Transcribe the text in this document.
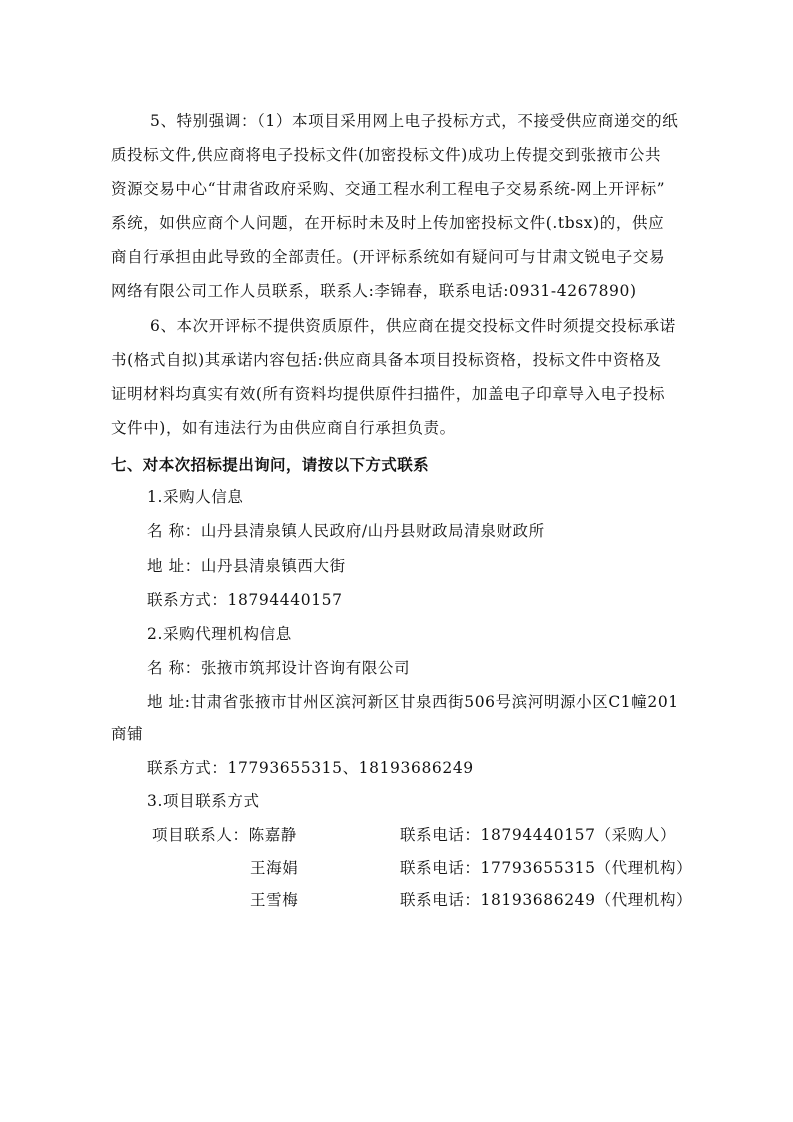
5、特别强调：（1）本项目采用网上电子投标方式，不接受供应商递交的纸
质投标文件,供应商将电子投标文件(加密投标文件)成功上传提交到张掖市公共
资源交易中心“甘肃省政府采购、交通工程水利工程电子交易系统-网上开评标”
系统，如供应商个人问题，在开标时未及时上传加密投标文件(.tbsx)的，供应
商自行承担由此导致的全部责任。(开评标系统如有疑问可与甘肃文锐电子交易
网络有限公司工作人员联系，联系人:李锦春，联系电话:0931-4267890)
6、本次开评标不提供资质原件，供应商在提交投标文件时须提交投标承诺
书(格式自拟)其承诺内容包括:供应商具备本项目投标资格，投标文件中资格及
证明材料均真实有效(所有资料均提供原件扫描件，加盖电子印章导入电子投标
文件中)，如有违法行为由供应商自行承担负责。
七、对本次招标提出询问，请按以下方式联系
1.采购人信息
名 称：山丹县清泉镇人民政府/山丹县财政局清泉财政所
地 址：山丹县清泉镇西大街
联系方式：18794440157
2.采购代理机构信息
名 称：张掖市筑邦设计咨询有限公司
地 址:甘肃省张掖市甘州区滨河新区甘泉西街506号滨河明源小区C1幢201
商铺
联系方式：17793655315、18193686249
3.项目联系方式
项目联系人：陈嘉静	联系电话：18794440157（采购人）
王海娟	联系电话：17793655315（代理机构）
王雪梅	联系电话：18193686249（代理机构）
